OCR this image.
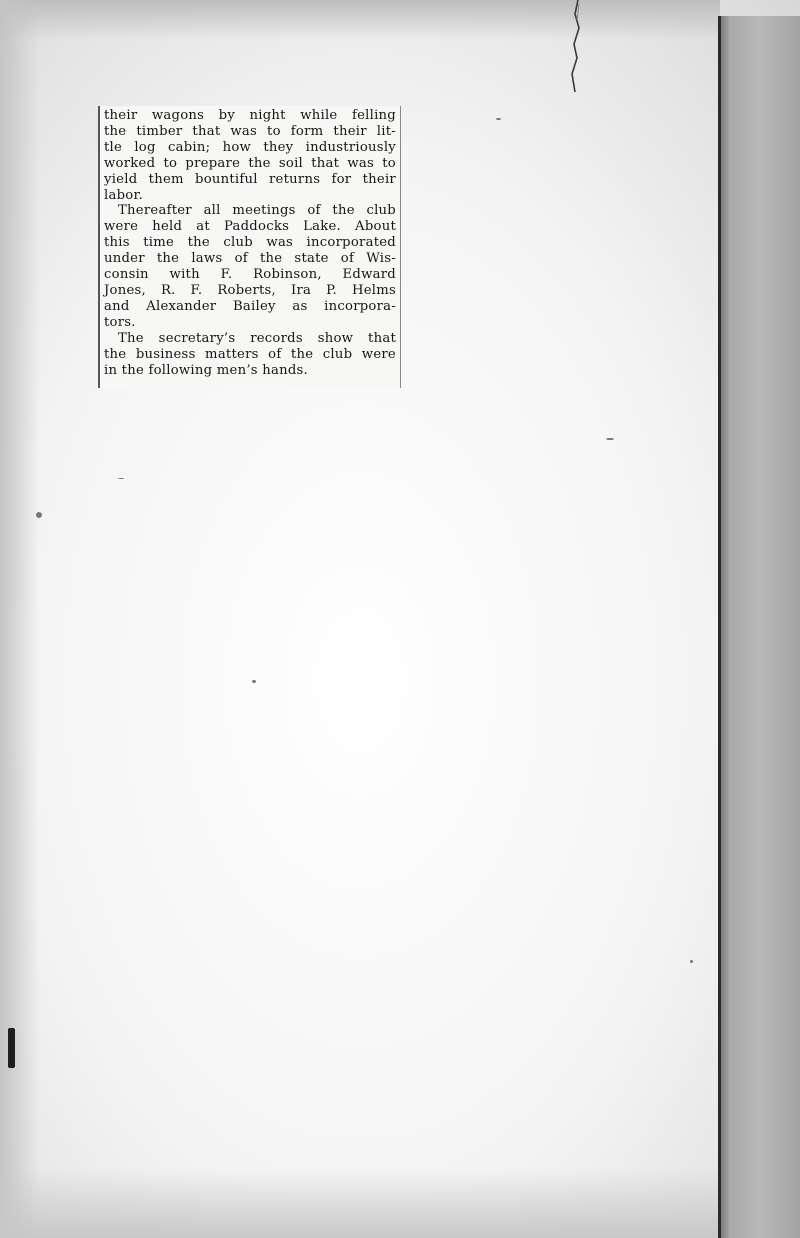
their wagons by night while felling
the timber that was to form their lit-
tle log cabin; how they industriously
worked to prepare the soil that was to
yield them bountiful returns for their
labor.
Thereafter all meetings of the club
were held at Paddocks Lake. About
this time the club was incorporated
under the laws of the state of Wis-
consin with F. Robinson, Edward
Jones, R. F. Roberts, Ira P. Helms
and Alexander Bailey as incorpora-
tors.
The secretary’s records show that
the business matters of the club were
in the following men’s hands.
